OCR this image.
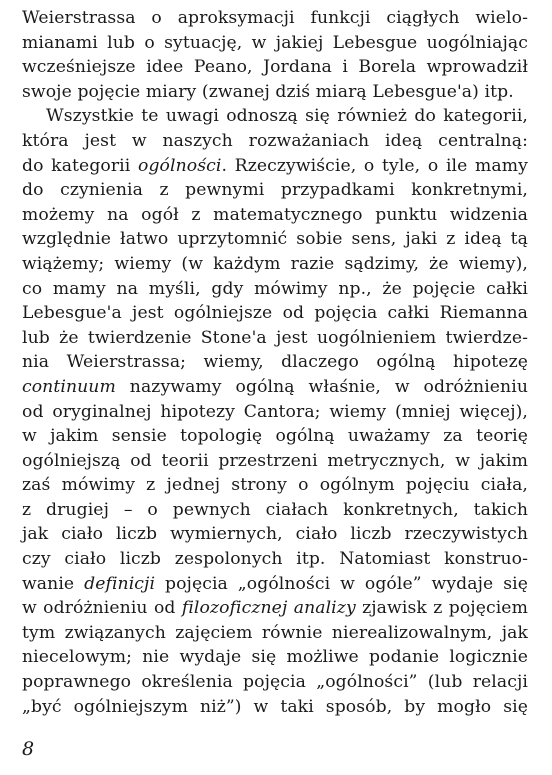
Weierstrassa o aproksymacji funkcji ciągłych wielo-
mianami lub o sytuację, w jakiej Lebesgue uogólniając
wcześniejsze idee Peano, Jordana i Borela wprowadził
swoje pojęcie miary (zwanej dziś miarą Lebesgue'a) itp.
Wszystkie te uwagi odnoszą się również do kategorii,
która jest w naszych rozważaniach ideą centralną:
do kategorii ogólności. Rzeczywiście, o tyle, o ile mamy
do czynienia z pewnymi przypadkami konkretnymi,
możemy na ogół z matematycznego punktu widzenia
względnie łatwo uprzytomnić sobie sens, jaki z ideą tą
wiążemy; wiemy (w każdym razie sądzimy, że wiemy),
co mamy na myśli, gdy mówimy np., że pojęcie całki
Lebesgue'a jest ogólniejsze od pojęcia całki Riemanna
lub że twierdzenie Stone'a jest uogólnieniem twierdze-
nia Weierstrassa; wiemy, dlaczego ogólną hipotezę
continuum nazywamy ogólną właśnie, w odróżnieniu
od oryginalnej hipotezy Cantora; wiemy (mniej więcej),
w jakim sensie topologię ogólną uważamy za teorię
ogólniejszą od teorii przestrzeni metrycznych, w jakim
zaś mówimy z jednej strony o ogólnym pojęciu ciała,
z drugiej – o pewnych ciałach konkretnych, takich
jak ciało liczb wymiernych, ciało liczb rzeczywistych
czy ciało liczb zespolonych itp. Natomiast konstruo-
wanie definicji pojęcia „ogólności w ogóle” wydaje się
w odróżnieniu od filozoficznej analizy zjawisk z pojęciem
tym związanych zajęciem równie nierealizowalnym, jak
niecelowym; nie wydaje się możliwe podanie logicznie
poprawnego określenia pojęcia „ogólności” (lub relacji
„być ogólniejszym niż”) w taki sposób, by mogło się
8
